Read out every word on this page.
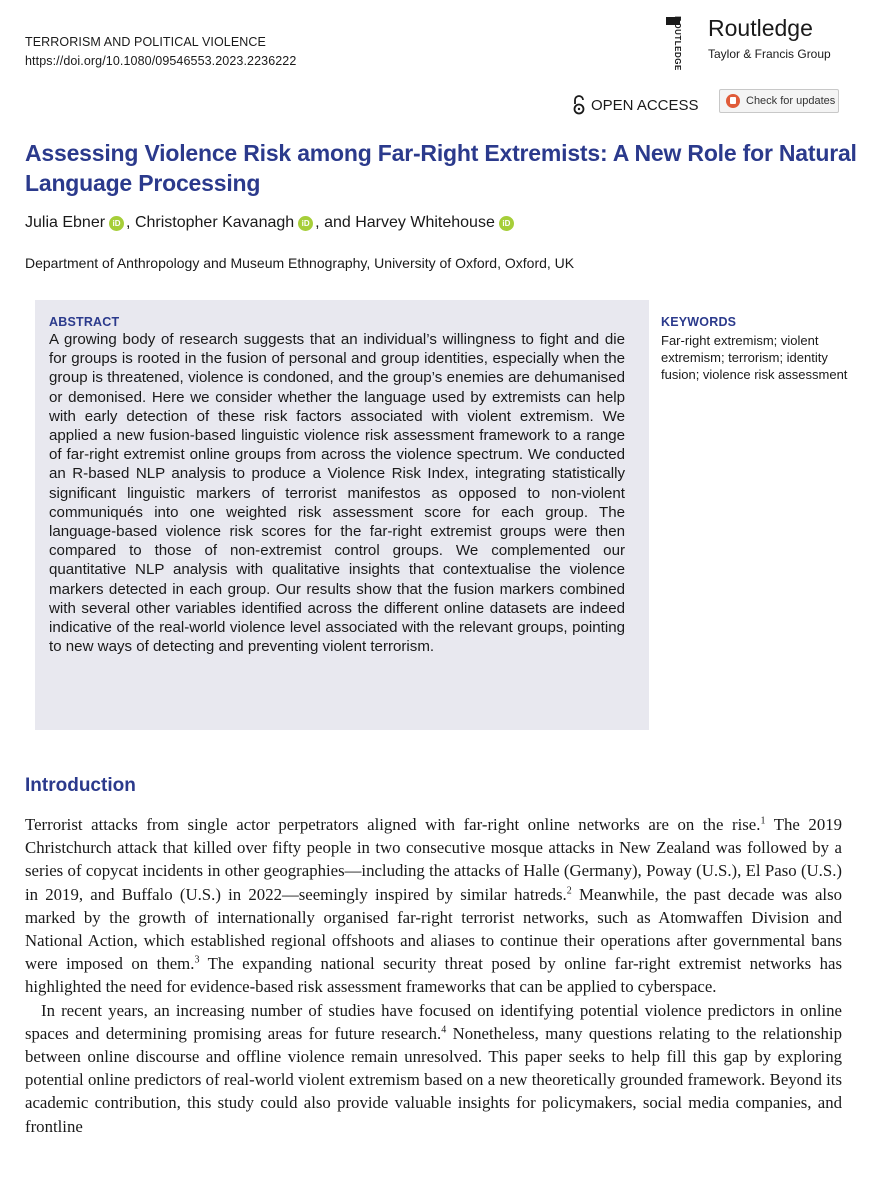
TERRORISM AND POLITICAL VIOLENCE
https://doi.org/10.1080/09546553.2023.2236222	ROUTLEDGE Routledge
Taylor & Francis Group
OPEN ACCESS	Check for updates
Assessing Violence Risk among Far-Right Extremists: A New Role for Natural Language Processing
Julia Ebner iD ,
Christopher Kavanagh iD , and
Harvey Whitehouse iD
Department of Anthropology and Museum Ethnography, University of Oxford, Oxford, UK
ABSTRACT
A growing body of research suggests that an individual’s willingness to fight and die for groups is rooted in the fusion of personal and group identities, especially when the group is threatened, violence is condoned, and the group’s enemies are dehumanised or demonised. Here we consider whether the language used by extremists can help with early detection of these risk factors associated with violent extremism. We applied a new fusion-based linguistic violence risk assessment framework to a range of far-right extremist online groups from across the violence spectrum. We conducted an R-based NLP analysis to produce a Violence Risk Index, integrating statistically significant linguistic markers of terrorist manifestos as opposed to non-violent communiqués into one weighted risk assessment score for each group. The language-based violence risk scores for the far-right extremist groups were then compared to those of non-extremist control groups. We complemented our quantitative NLP analysis with qualitative insights that contextualise the violence markers detected in each group. Our results show that the fusion markers combined with several other variables identified across the different online datasets are indeed indicative of the real-world violence level associated with the relevant groups, pointing to new ways of detecting and preventing violent terrorism.
KEYWORDS
Far-right extremism; violent extremism; terrorism; identity fusion; violence risk assessment
Introduction

Terrorist attacks from single actor perpetrators aligned with far-right online networks are on the rise.$^1$ The 2019 Christchurch attack that killed over fifty people in two consecutive mosque attacks in New Zealand was followed by a series of copycat incidents in other geographies—including the attacks of Halle (Germany), Poway (U.S.), El Paso (U.S.) in 2019, and Buffalo (U.S.) in 2022—seemingly inspired by similar hatreds.$^2$ Meanwhile, the past decade was also marked by the growth of internationally organised far-right terrorist networks, such as Atomwaffen Division and National Action, which established regional offshoots and aliases to continue their operations after governmental bans were imposed on them.$^3$ The expanding national security threat posed by online far-right extremist networks has highlighted the need for evidence-based risk assessment frameworks that can be applied to cyberspace.

In recent years, an increasing number of studies have focused on identifying potential violence predictors in online spaces and determining promising areas for future research.$^4$ Nonetheless, many questions relating to the relationship between online discourse and offline violence remain unresolved. This paper seeks to help fill this gap by exploring potential online predictors of real-world violent extremism based on a new theoretically grounded framework. Beyond its academic contribution, this study could also provide valuable insights for policymakers, social media companies, and frontline
